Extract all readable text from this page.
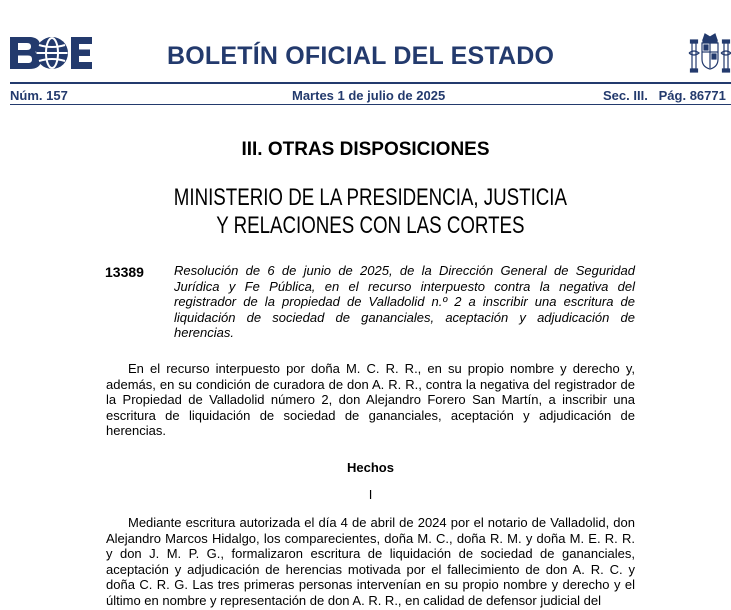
BOLETÍN OFICIAL DEL ESTADO
Núm. 157	Martes 1 de julio de 2025	Sec. III.   Pág. 86771
III. OTRAS DISPOSICIONES
MINISTERIO DE LA PRESIDENCIA, JUSTICIA
Y RELACIONES CON LAS CORTES
13389 Resolución de 6 de junio de 2025, de la Dirección General de Seguridad Jurídica y Fe Pública, en el recurso interpuesto contra la negativa del registrador de la propiedad de Valladolid n.º 2 a inscribir una escritura de liquidación de sociedad de gananciales, aceptación y adjudicación de herencias.

En el recurso interpuesto por doña M. C. R. R., en su propio nombre y derecho y, además, en su condición de curadora de don A. R. R., contra la negativa del registrador de la Propiedad de Valladolid número 2, don Alejandro Forero San Martín, a inscribir una escritura de liquidación de sociedad de gananciales, aceptación y adjudicación de herencias.

Hechos
I

Mediante escritura autorizada el día 4 de abril de 2024 por el notario de Valladolid, don Alejandro Marcos Hidalgo, los comparecientes, doña M. C., doña R. M. y doña M. E. R. R. y don J. M. P. G., formalizaron escritura de liquidación de sociedad de gananciales, aceptación y adjudicación de herencias motivada por el fallecimiento de don A. R. C. y doña C. R. G. Las tres primeras personas intervenían en su propio nombre y derecho y el último en nombre y representación de don A. R. R., en calidad de defensor judicial del
